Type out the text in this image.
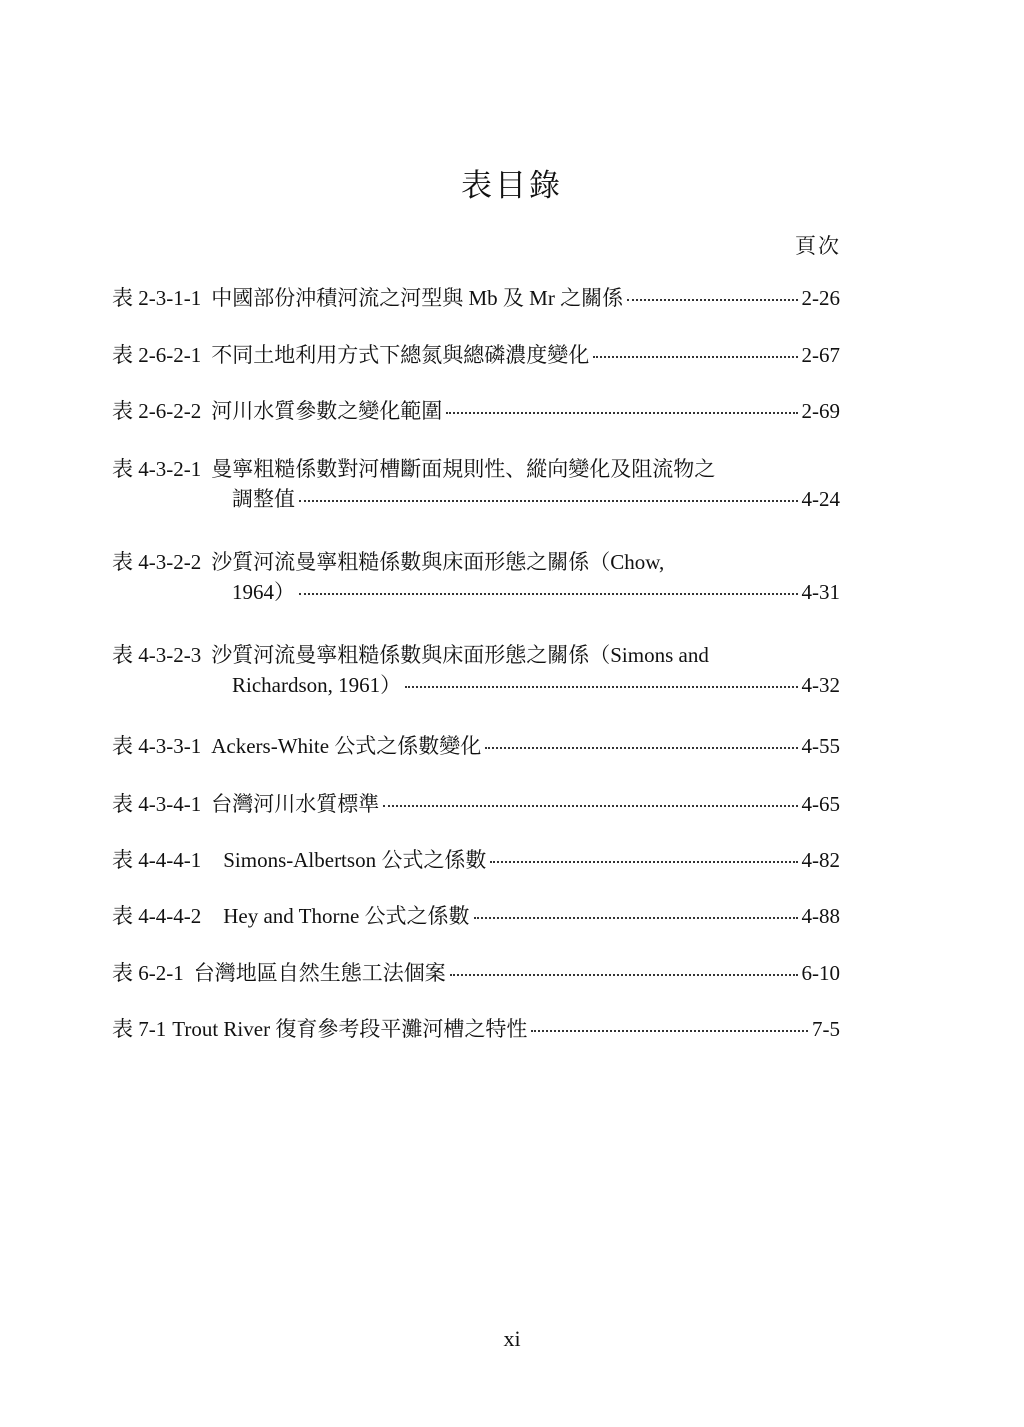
表目錄
頁次
表 2-3-1-1 中國部份沖積河流之河型與 Mb 及 Mr 之關係	2-26
表 2-6-2-1 不同土地利用方式下總氮與總磷濃度變化	2-67
表 2-6-2-2 河川水質參數之變化範圍	2-69
表 4-3-2-1 曼寧粗糙係數對河槽斷面規則性、縱向變化及阻流物之
調整值	4-24
表 4-3-2-2 沙質河流曼寧粗糙係數與床面形態之關係（Chow,
1964）	4-31
表 4-3-2-3 沙質河流曼寧粗糙係數與床面形態之關係（Simons and
Richardson, 1961）	4-32
表 4-3-3-1 Ackers-White 公式之係數變化	4-55
表 4-3-4-1 台灣河川水質標準	4-65
表 4-4-4-1 Simons-Albertson 公式之係數	4-82
表 4-4-4-2 Hey and Thorne 公式之係數	4-88
表 6-2-1 台灣地區自然生態工法個案	6-10
表 7-1 Trout River 復育參考段平灘河槽之特性	7-5
xi
